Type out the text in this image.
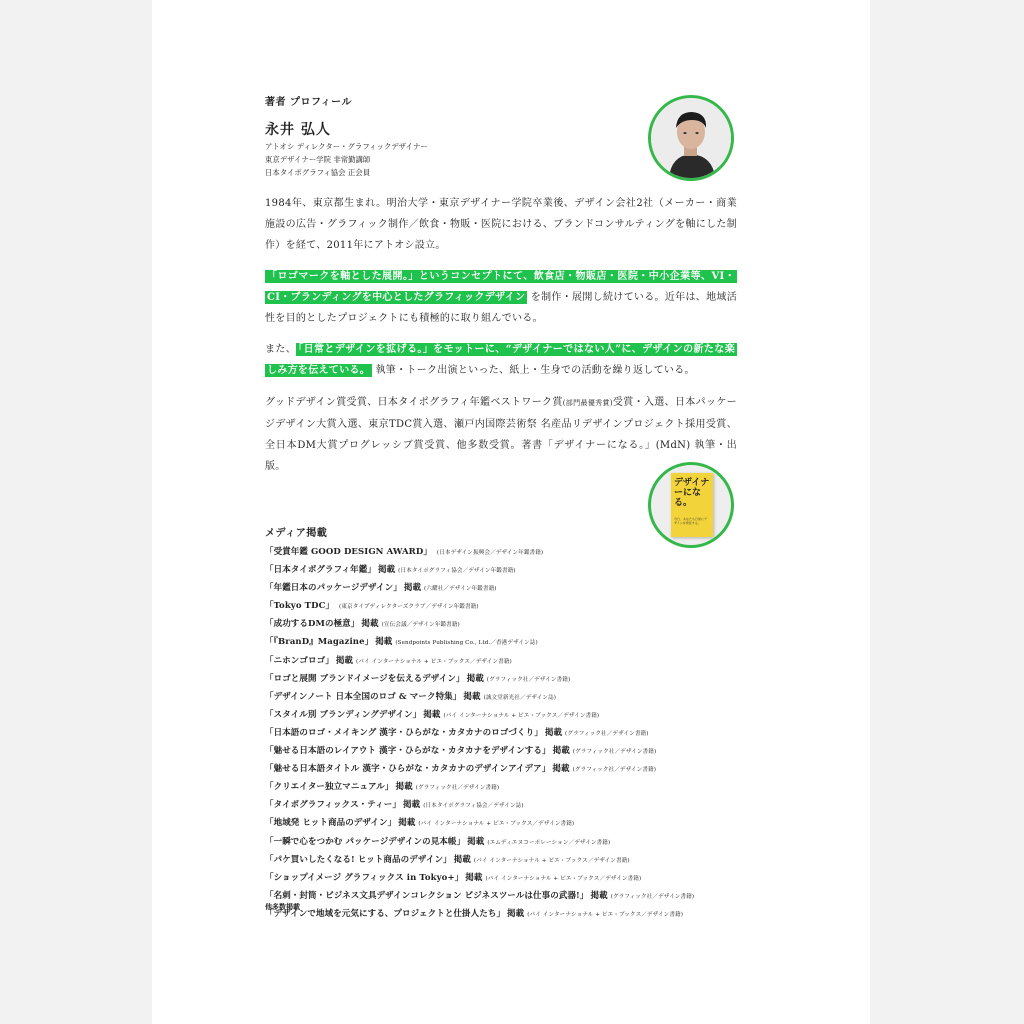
著者 プロフィール
永井 弘人
アトオシ ディレクター・グラフィックデザイナー
東京デザイナー学院 非常勤講師
日本タイポグラフィ協会 正会員
1984年、東京都生まれ。明治大学・東京デザイナー学院卒業後、デザイン会社2社（メーカー・商業施設の広告・グラフィック制作／飲食・物販・医院における、ブランドコンサルティングを軸にした制作）を経て、2011年にアトオシ設立。
「ロゴマークを軸とした展開。」というコンセプトにて、飲食店・物販店・医院・中小企業等、VI・CI・ブランディングを中心としたグラフィックデザイン を制作・展開し続けている。近年は、地域活性を目的としたプロジェクトにも積極的に取り組んでいる。
また、 「日常とデザインを拡げる。」をモットーに、“デザイナーではない人”に、デザインの新たな楽しみ方を伝えている。 執筆・トーク出演といった、紙上・生身での活動を繰り返している。
グッドデザイン賞受賞、日本タイポグラフィ年鑑ベストワーク賞(部門最優秀賞)受賞・入選、日本パッケージデザイン大賞入選、東京TDC賞入選、瀬戸内国際芸術祭 名産品リデザインプロジェクト採用受賞、全日本DM大賞プログレッシブ賞受賞、他多数受賞。著書「デザイナーになる。」(MdN) 執筆・出版。
デザイナーになる。
今日、あなたも日常にデザインを発見する。
メディア掲載
「受賞年鑑 GOOD DESIGN AWARD」 (日本デザイン振興会／デザイン年鑑書籍)
「日本タイポグラフィ年鑑」 掲載 (日本タイポグラフィ協会／デザイン年鑑書籍)
「年鑑日本のパッケージデザイン」 掲載 (六耀社／デザイン年鑑書籍)
「Tokyo TDC」 (東京タイプディレクターズクラブ／デザイン年鑑書籍)
「成功するDMの極意」 掲載 (宣伝会議／デザイン年鑑書籍)
「『BranD』Magazine」 掲載 (Sendpoints Publishing Co., Ltd.／香港デザイン誌)
「ニホンゴロゴ」 掲載 (パイ インターナショナル + ピエ・ブックス／デザイン書籍)
「ロゴと展開 ブランドイメージを伝えるデザイン」 掲載 (グラフィック社／デザイン書籍)
「デザインノート 日本全国のロゴ & マーク特集」 掲載 (誠文堂新光社／デザイン誌)
「スタイル別 ブランディングデザイン」 掲載 (パイ インターナショナル + ピエ・ブックス／デザイン書籍)
「日本語のロゴ・メイキング 漢字・ひらがな・カタカナのロゴづくり」 掲載 (グラフィック社／デザイン書籍)
「魅せる日本語のレイアウト 漢字・ひらがな・カタカナをデザインする」 掲載 (グラフィック社／デザイン書籍)
「魅せる日本語タイトル 漢字・ひらがな・カタカナのデザインアイデア」 掲載 (グラフィック社／デザイン書籍)
「クリエイター独立マニュアル」 掲載 (グラフィック社／デザイン書籍)
「タイポグラフィックス・ティー」 掲載 (日本タイポグラフィ協会／デザイン誌)
「地域発 ヒット商品のデザイン」 掲載 (パイ インターナショナル + ピエ・ブックス／デザイン書籍)
「一瞬で心をつかむ パッケージデザインの見本帳」 掲載 (エムディエヌコーポレーション／デザイン書籍)
「パケ買いしたくなる! ヒット商品のデザイン」 掲載 (パイ インターナショナル + ピエ・ブックス／デザイン書籍)
「ショップイメージ グラフィックス in Tokyo+」 掲載 (パイ インターナショナル + ピエ・ブックス／デザイン書籍)
「名刺・封筒・ビジネス文具デザインコレクション ビジネスツールは仕事の武器!」 掲載 (グラフィック社／デザイン書籍)
「デザインで地域を元気にする、プロジェクトと仕掛人たち」 掲載 (パイ インターナショナル + ピエ・ブックス／デザイン書籍)
他多数掲載
